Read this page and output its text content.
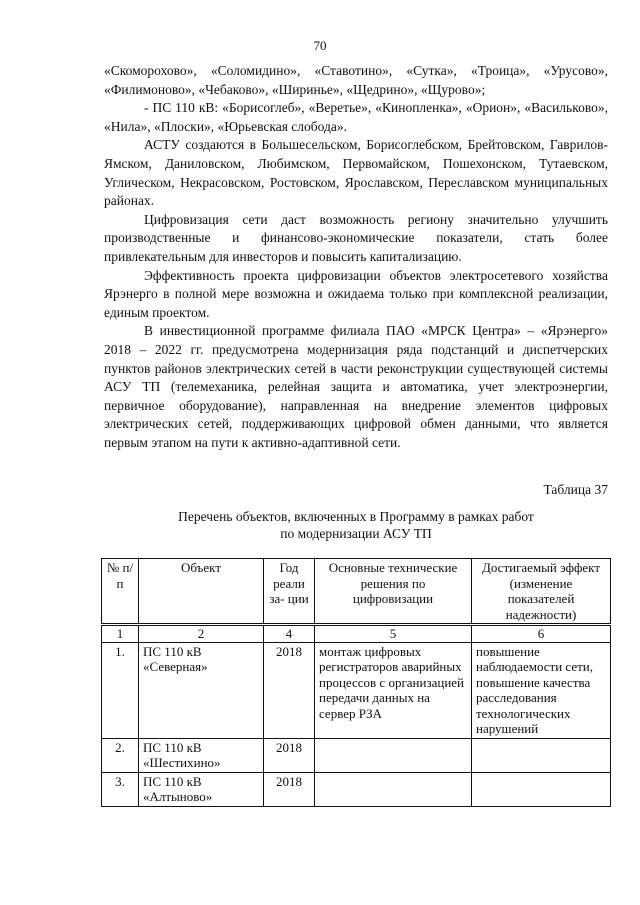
70

«Скоморохово», «Соломидино», «Ставотино», «Сутка», «Троица», «Урусово», «Филимоново», «Чебаково», «Ширинье», «Щедрино», «Щурово»;

- ПС 110 кВ: «Борисоглеб», «Веретье», «Кинопленка», «Орион», «Васильково», «Нила», «Плоски», «Юрьевская слобода».

АСТУ создаются в Большесельском, Борисоглебском, Брейтовском, Гаврилов-Ямском, Даниловском, Любимском, Первомайском, Пошехонском, Тутаевском, Углическом, Некрасовском, Ростовском, Ярославском, Переславском муниципальных районах.

Цифровизация сети даст возможность региону значительно улучшить производственные и финансово-экономические показатели, стать более привлекательным для инвесторов и повысить капитализацию.

Эффективность проекта цифровизации объектов электросетевого хозяйства Ярэнерго в полной мере возможна и ожидаема только при комплексной реализации, единым проектом.

В инвестиционной программе филиала ПАО «МРСК Центра» – «Ярэнерго» 2018 – 2022 гг. предусмотрена модернизация ряда подстанций и диспетчерских пунктов районов электрических сетей в части реконструкции существующей системы АСУ ТП (телемеханика, релейная защита и автоматика, учет электроэнергии, первичное оборудование), направленная на внедрение элементов цифровых электрических сетей, поддерживающих цифровой обмен данными, что является первым этапом на пути к активно-адаптивной сети.

Таблица 37
Перечень объектов, включенных в Программу в рамках работ
по модернизации АСУ ТП
№ п/п	Объект	Год реали за- ции	Основные технические решения по цифровизации	Достигаемый эффект (изменение показателей надежности)
1	2	4	5	6
1.	ПС 110 кВ «Северная»	2018	монтаж цифровых регистраторов аварийных процессов с организацией передачи данных на сервер РЗА	повышение наблюдаемости сети, повышение качества расследования технологических нарушений
2.	ПС 110 кВ «Шестихино»	2018		
3.	ПС 110 кВ «Алтыново»	2018		
